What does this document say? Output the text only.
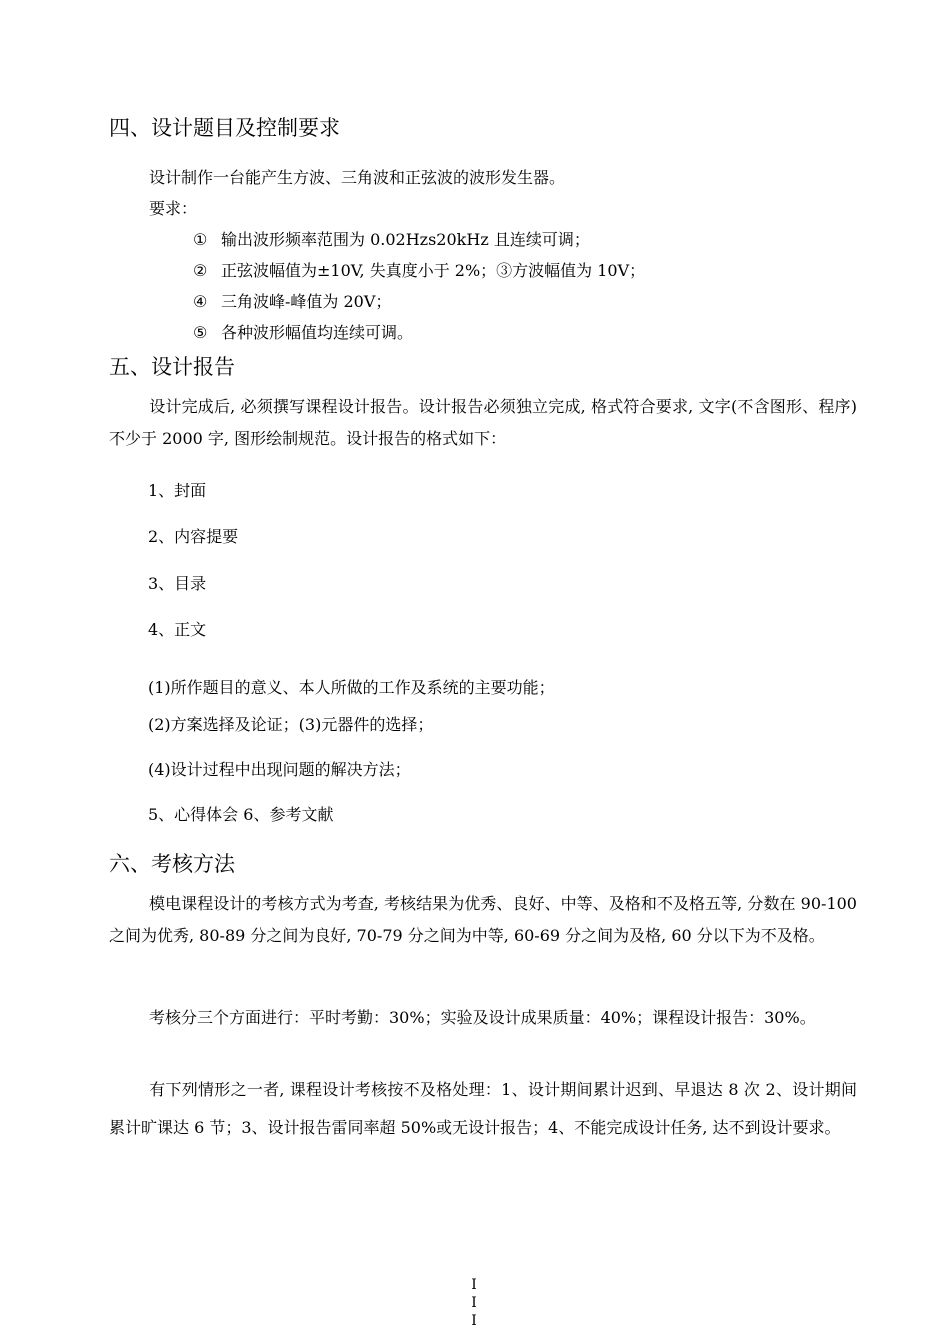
四、设计题目及控制要求
设计制作一台能产生方波、三角波和正弦波的波形发生器。
要求：
① 输出波形频率范围为 0.02Hzs20kHz 且连续可调；
② 正弦波幅值为±10V, 失真度小于 2%；③方波幅值为 10V；
④ 三角波峰-峰值为 20V；
⑤ 各种波形幅值均连续可调。
五、设计报告
设计完成后, 必须撰写课程设计报告。设计报告必须独立完成, 格式符合要求, 文字(不含图形、程序) 不少于 2000 字, 图形绘制规范。设计报告的格式如下：
1、封面
2、内容提要
3、目录
4、正文
(1)所作题目的意义、本人所做的工作及系统的主要功能；
(2)方案选择及论证；(3)元器件的选择；
(4)设计过程中出现问题的解决方法；
5、心得体会 6、参考文献
六、考核方法
模电课程设计的考核方式为考查, 考核结果为优秀、良好、中等、及格和不及格五等, 分数在 90-100 之间为优秀, 80-89 分之间为良好, 70-79 分之间为中等, 60-69 分之间为及格, 60 分以下为不及格。
考核分三个方面进行：平时考勤：30%；实验及设计成果质量：40%；课程设计报告：30%。
有下列情形之一者, 课程设计考核按不及格处理：1、设计期间累计迟到、早退达 8 次 2、设计期间累计旷课达 6 节；3、设计报告雷同率超 50%或无设计报告；4、不能完成设计任务, 达不到设计要求。
I
I
I
